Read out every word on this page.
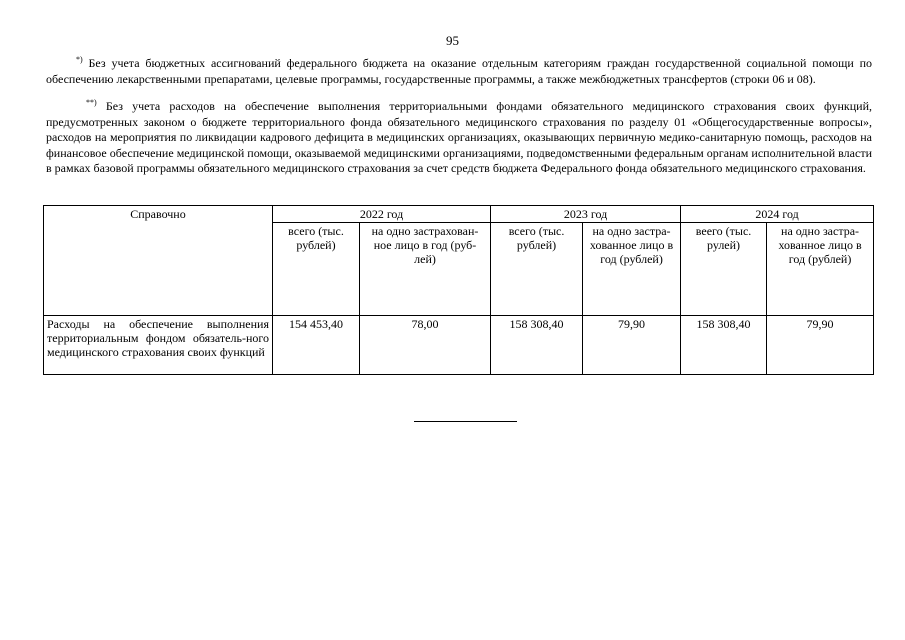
95

*) Без учета бюджетных ассигнований федерального бюджета на оказание отдельным категориям граждан государственной социальной помощи по обеспечению лекарственными препаратами, целевые программы, государственные программы, а также межбюджетных трансфертов (строки 06 и 08).

**) Без учета расходов на обеспечение выполнения территориальными фондами обязательного медицинского страхования своих функций, предусмотренных законом о бюджете территориального фонда обязательного медицинского страхования по разделу 01 «Общегосударственные вопросы», расходов на мероприятия по ликвидации кадрового дефицита в медицинских организациях, оказывающих первичную медико-санитарную помощь, расходов на финансовое обеспечение медицинской помощи, оказываемой медицинскими организациями, подведомственными федеральным органам исполнительной власти в рамках базовой программы обязательного медицинского страхования за счет средств бюджета Федерального фонда обязательного медицинского страхования.

Справочно	2022 год		2023 год		2024 год	
	всего (тыс. рублей)	на одно застрахован-ное лицо в год (руб-лей)	всего (тыс. рублей)	на одно застра-хованное лицо в год (рублей)	веего (тыс. рулей)	на одно застра-хованное лицо в год (рублей)
Расходы на обеспечение выполнения территориальным фондом обязатель-ного медицинского страхования своих функций	154 453,40	78,00	158 308,40	79,90	158 308,40	79,90
